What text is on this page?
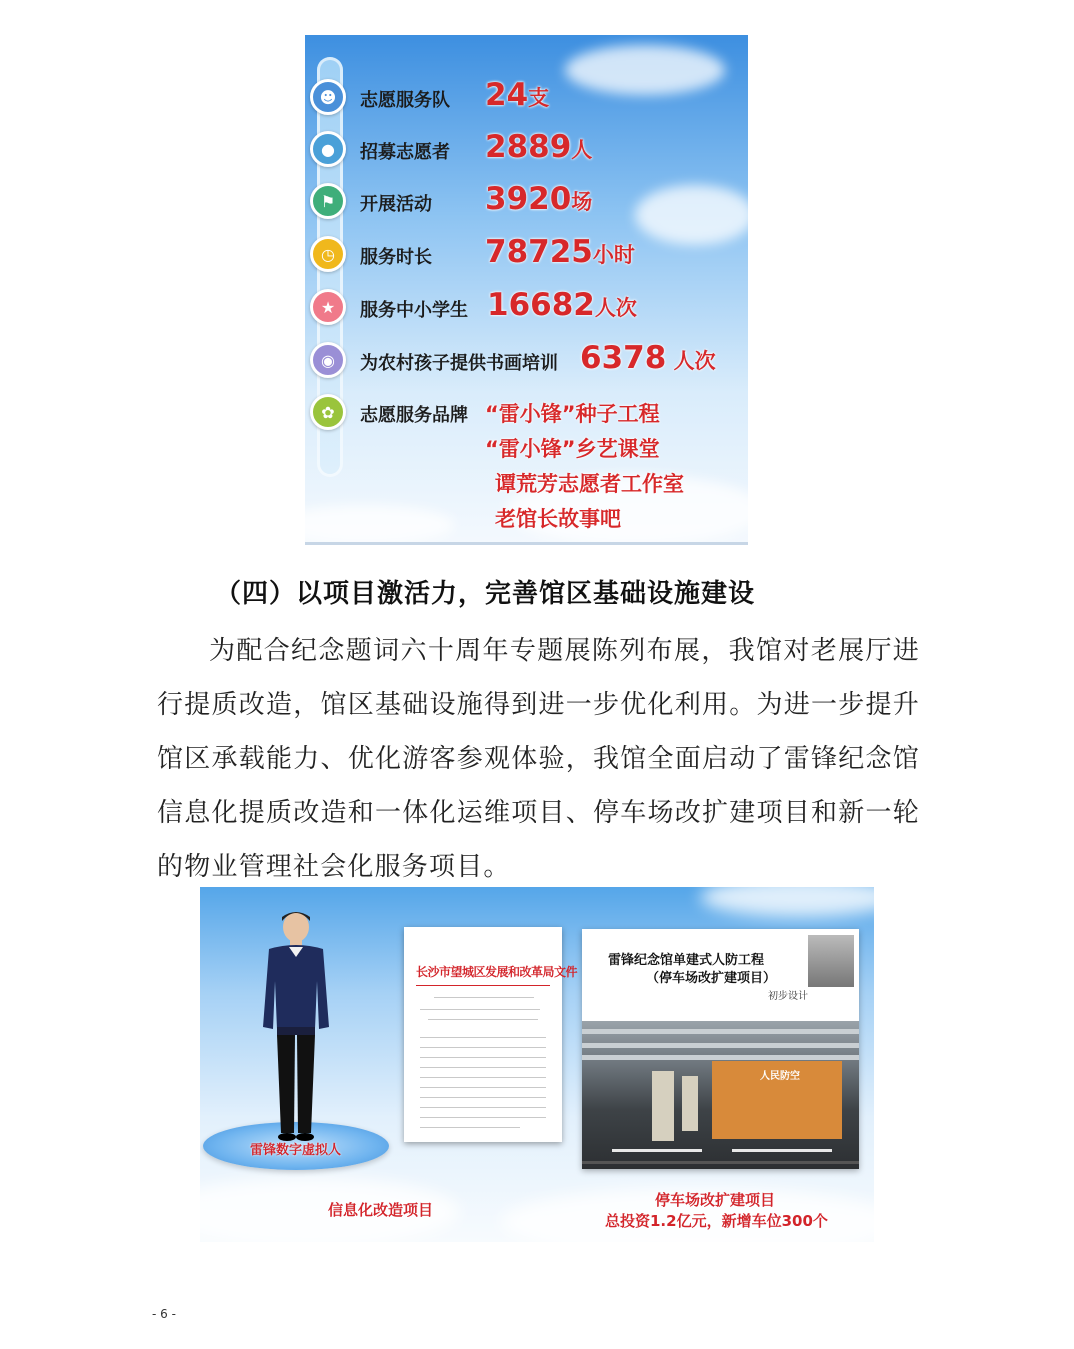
☻	志愿服务队 24支
●	招募志愿者 2889人
⚑	开展活动 3920场
◷	服务时长 78725小时
★	服务中小学生 16682人次
◉	为农村孩子提供书画培训 6378 人次
✿	志愿服务品牌 “雷小锋”种子工程
“雷小锋”乡艺课堂
谭荒芳志愿者工作室
老馆长故事吧
（四）以项目激活力，完善馆区基础设施建设
为配合纪念题词六十周年专题展陈列布展，我馆对老展厅进行提质改造，馆区基础设施得到进一步优化利用。为进一步提升馆区承载能力、优化游客参观体验，我馆全面启动了雷锋纪念馆信息化提质改造和一体化运维项目、停车场改扩建项目和新一轮的物业管理社会化服务项目。
雷锋数字虚拟人
长沙市望城区发展和改革局文件
雷锋纪念馆单建式人防工程
（停车场改扩建项目）
初步设计
人民防空
信息化改造项目
停车场改扩建项目
总投资1.2亿元，新增车位300个
- 6 -
